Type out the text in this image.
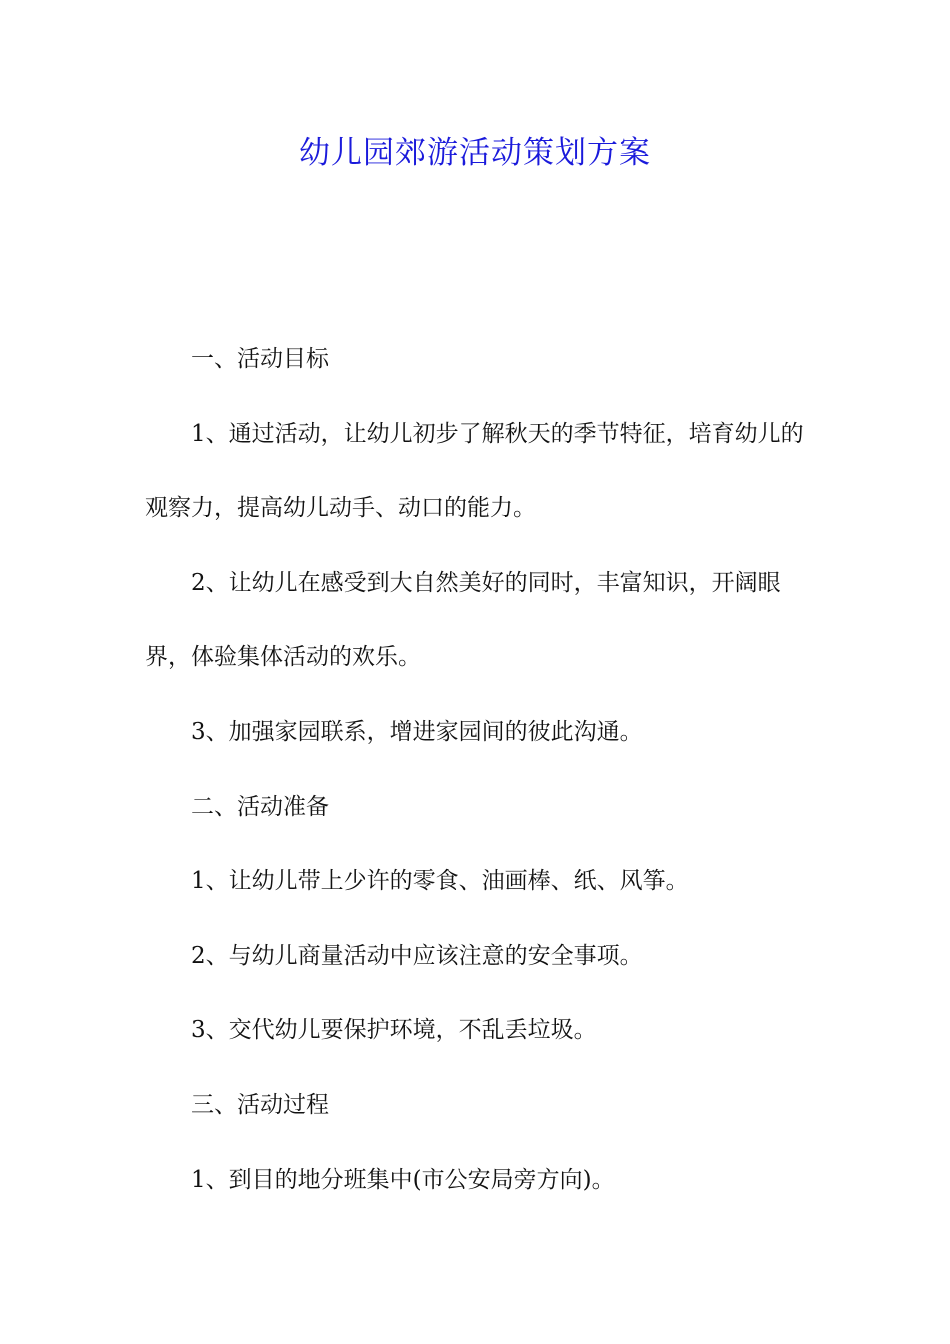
幼儿园郊游活动策划方案

一、活动目标

1、通过活动，让幼儿初步了解秋天的季节特征，培育幼儿的观察力，提高幼儿动手、动口的能力。

2、让幼儿在感受到大自然美好的同时，丰富知识，开阔眼界，体验集体活动的欢乐。

3、加强家园联系，增进家园间的彼此沟通。

二、活动准备

1、让幼儿带上少许的零食、油画棒、纸、风筝。

2、与幼儿商量活动中应该注意的安全事项。

3、交代幼儿要保护环境，不乱丢垃圾。

三、活动过程

1、到目的地分班集中(市公安局旁方向)。
